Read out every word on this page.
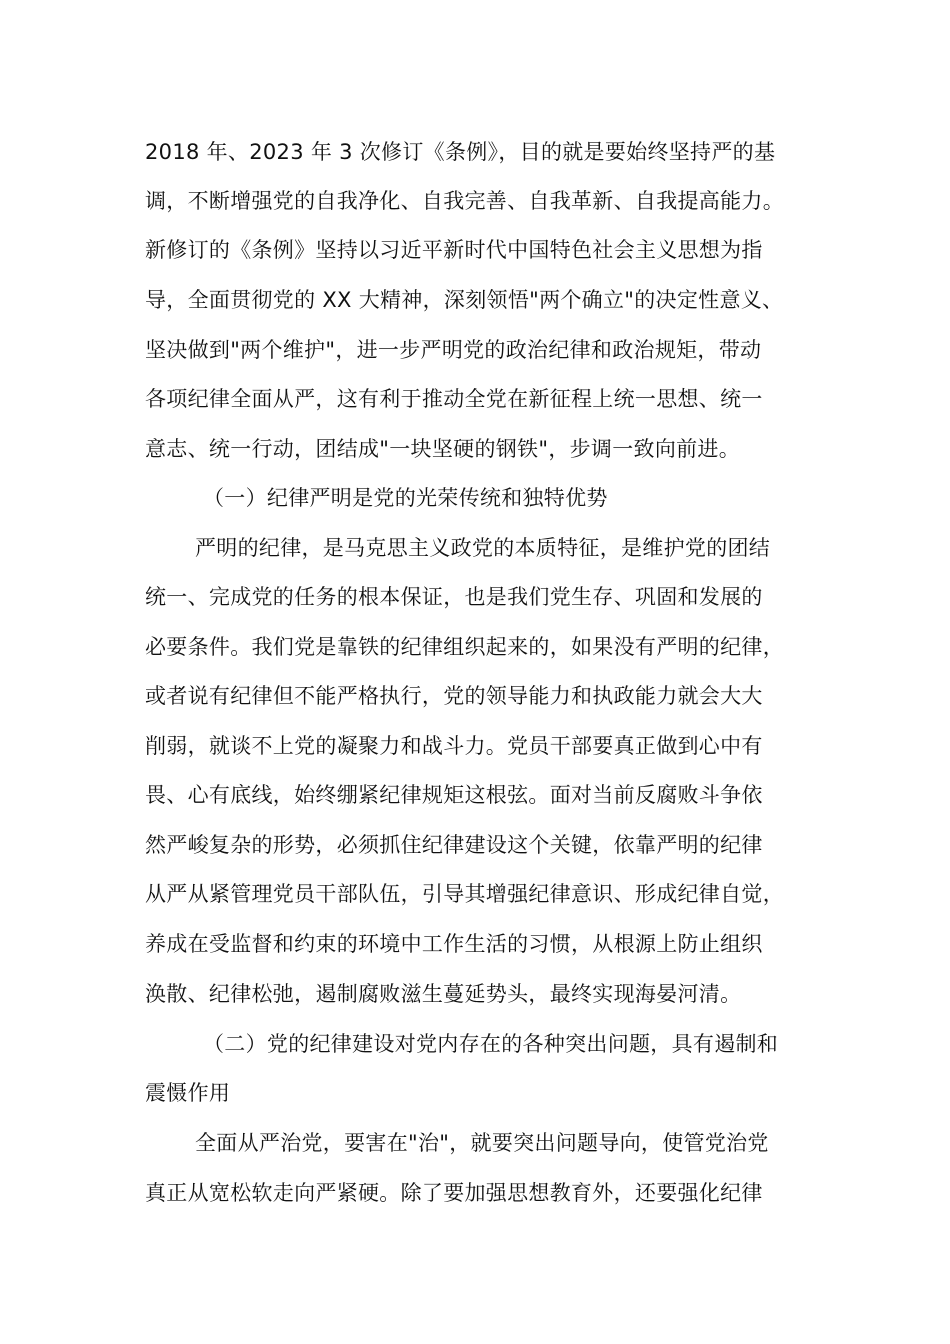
2018 年、2023 年 3 次修订《条例》，目的就是要始终坚持严的基
调，不断增强党的自我净化、自我完善、自我革新、自我提高能力。
新修订的《条例》坚持以习近平新时代中国特色社会主义思想为指
导，全面贯彻党的 XX 大精神，深刻领悟"两个确立"的决定性意义、
坚决做到"两个维护"，进一步严明党的政治纪律和政治规矩，带动
各项纪律全面从严，这有利于推动全党在新征程上统一思想、统一
意志、统一行动，团结成"一块坚硬的钢铁"，步调一致向前进。
（一）纪律严明是党的光荣传统和独特优势
严明的纪律，是马克思主义政党的本质特征，是维护党的团结
统一、完成党的任务的根本保证，也是我们党生存、巩固和发展的
必要条件。我们党是靠铁的纪律组织起来的，如果没有严明的纪律，
或者说有纪律但不能严格执行，党的领导能力和执政能力就会大大
削弱，就谈不上党的凝聚力和战斗力。党员干部要真正做到心中有
畏、心有底线，始终绷紧纪律规矩这根弦。面对当前反腐败斗争依
然严峻复杂的形势，必须抓住纪律建设这个关键，依靠严明的纪律
从严从紧管理党员干部队伍，引导其增强纪律意识、形成纪律自觉，
养成在受监督和约束的环境中工作生活的习惯，从根源上防止组织
涣散、纪律松弛，遏制腐败滋生蔓延势头，最终实现海晏河清。
（二）党的纪律建设对党内存在的各种突出问题，具有遏制和
震慑作用
全面从严治党，要害在"治"，就要突出问题导向，使管党治党
真正从宽松软走向严紧硬。除了要加强思想教育外，还要强化纪律
